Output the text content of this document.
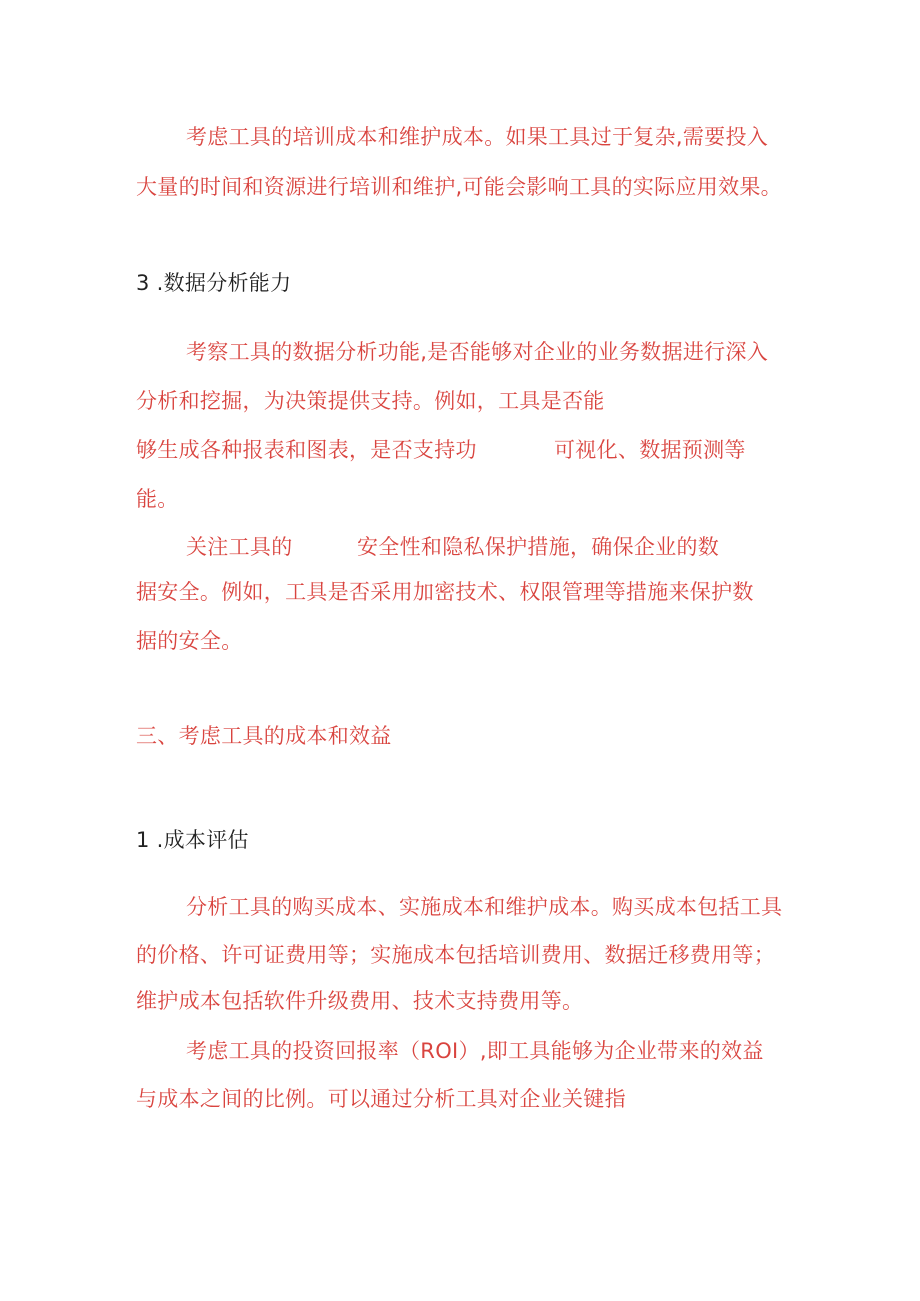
考虑工具的培训成本和维护成本。如果工具过于复杂,需要投入
大量的时间和资源进行培训和维护,可能会影响工具的实际应用效果。
3 .数据分析能力
考察工具的数据分析功能,是否能够对企业的业务数据进行深入
分析和挖掘，为决策提供支持。例如，工具是否能
够生成各种报表和图表，是否支持功	可视化、数据预测等
能。
关注工具的	安全性和隐私保护措施，确保企业的数
据安全。例如，工具是否采用加密技术、权限管理等措施来保护数
据的安全。
三、考虑工具的成本和效益
1 .成本评估
分析工具的购买成本、实施成本和维护成本。购买成本包括工具
的价格、许可证费用等；实施成本包括培训费用、数据迁移费用等；
维护成本包括软件升级费用、技术支持费用等。
考虑工具的投资回报率（ROI）,即工具能够为企业带来的效益
与成本之间的比例。可以通过分析工具对企业关键指
